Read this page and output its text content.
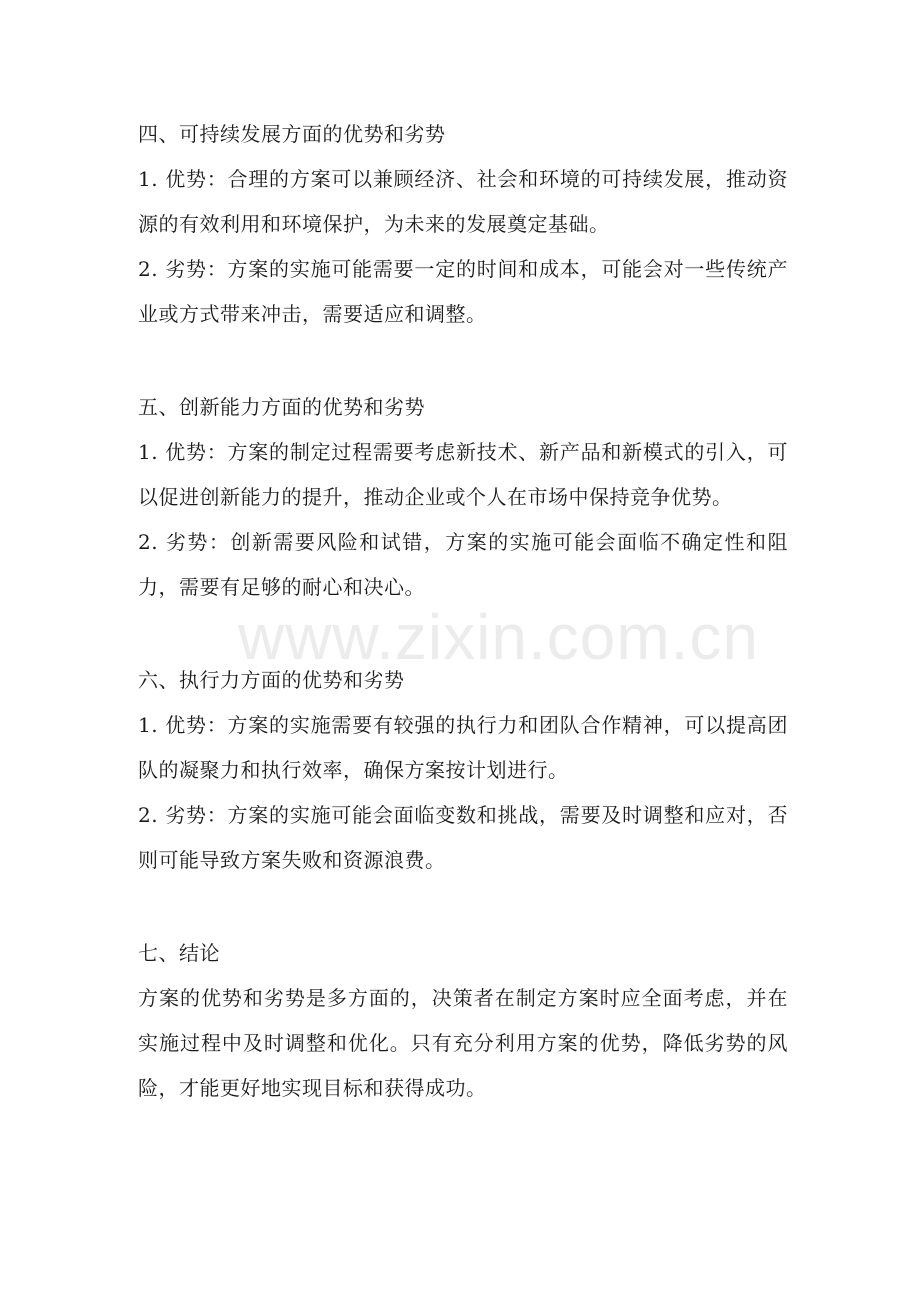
四、可持续发展方面的优势和劣势

1. 优势：合理的方案可以兼顾经济、社会和环境的可持续发展，推动资源的有效利用和环境保护，为未来的发展奠定基础。

2. 劣势：方案的实施可能需要一定的时间和成本，可能会对一些传统产业或方式带来冲击，需要适应和调整。

五、创新能力方面的优势和劣势

1. 优势：方案的制定过程需要考虑新技术、新产品和新模式的引入，可以促进创新能力的提升，推动企业或个人在市场中保持竞争优势。

2. 劣势：创新需要风险和试错，方案的实施可能会面临不确定性和阻力，需要有足够的耐心和决心。

六、执行力方面的优势和劣势

1. 优势：方案的实施需要有较强的执行力和团队合作精神，可以提高团队的凝聚力和执行效率，确保方案按计划进行。

2. 劣势：方案的实施可能会面临变数和挑战，需要及时调整和应对，否则可能导致方案失败和资源浪费。

七、结论

方案的优势和劣势是多方面的，决策者在制定方案时应全面考虑，并在实施过程中及时调整和优化。只有充分利用方案的优势，降低劣势的风险，才能更好地实现目标和获得成功。

www.zixin.com.cn
